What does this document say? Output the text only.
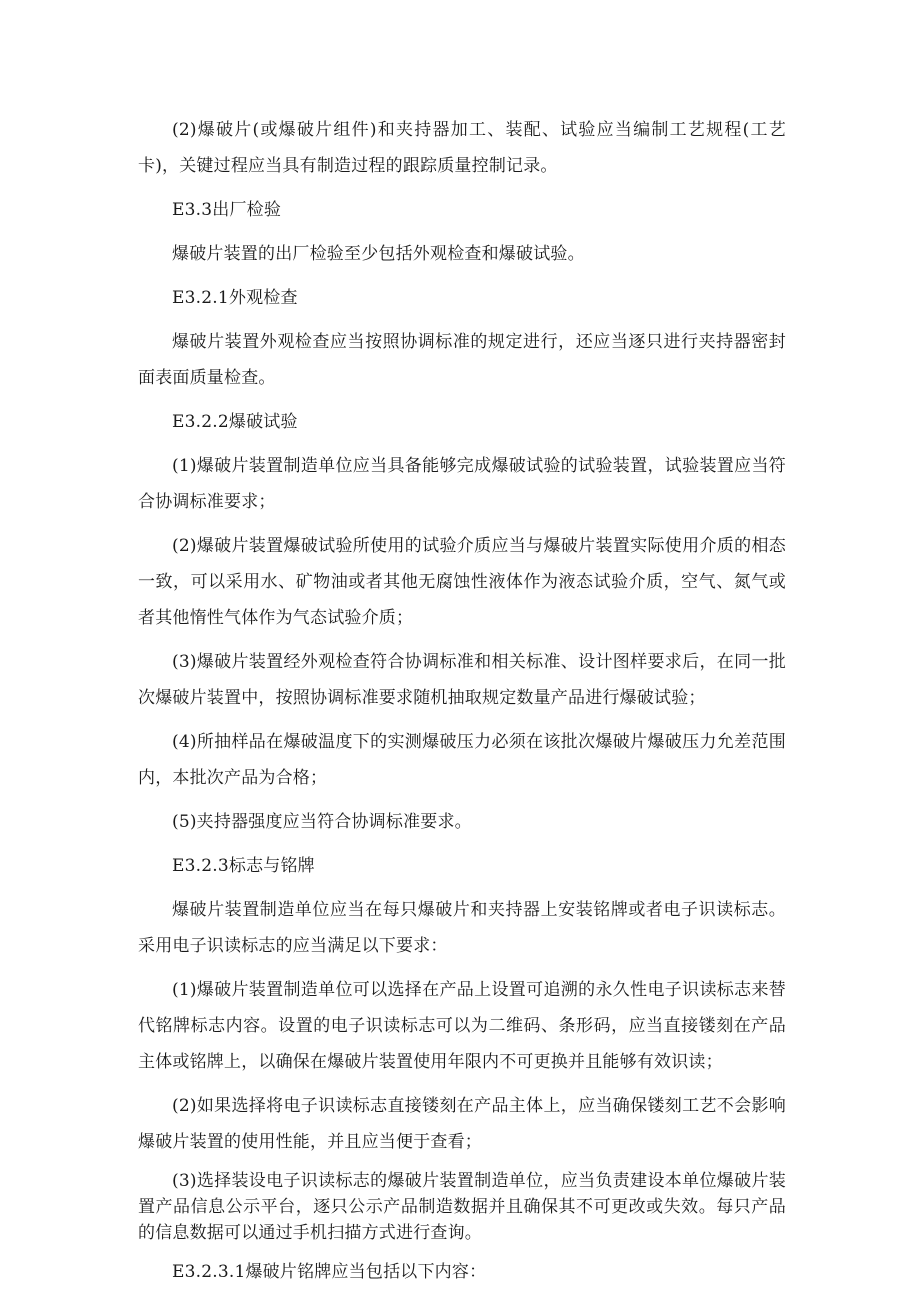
(2)爆破片(或爆破片组件)和夹持器加工、装配、试验应当编制工艺规程(工艺卡)，关键过程应当具有制造过程的跟踪质量控制记录。

E3.3出厂检验

爆破片装置的出厂检验至少包括外观检查和爆破试验。

E3.2.1外观检查

爆破片装置外观检查应当按照协调标准的规定进行，还应当逐只进行夹持器密封面表面质量检查。

E3.2.2爆破试验

(1)爆破片装置制造单位应当具备能够完成爆破试验的试验装置，试验装置应当符合协调标准要求；

(2)爆破片装置爆破试验所使用的试验介质应当与爆破片装置实际使用介质的相态一致，可以采用水、矿物油或者其他无腐蚀性液体作为液态试验介质，空气、氮气或者其他惰性气体作为气态试验介质；

(3)爆破片装置经外观检查符合协调标准和相关标准、设计图样要求后，在同一批次爆破片装置中，按照协调标准要求随机抽取规定数量产品进行爆破试验；

(4)所抽样品在爆破温度下的实测爆破压力必须在该批次爆破片爆破压力允差范围内，本批次产品为合格；

(5)夹持器强度应当符合协调标准要求。

E3.2.3标志与铭牌

爆破片装置制造单位应当在每只爆破片和夹持器上安装铭牌或者电子识读标志。采用电子识读标志的应当满足以下要求：

(1)爆破片装置制造单位可以选择在产品上设置可追溯的永久性电子识读标志来替代铭牌标志内容。设置的电子识读标志可以为二维码、条形码，应当直接镂刻在产品主体或铭牌上，以确保在爆破片装置使用年限内不可更换并且能够有效识读；

(2)如果选择将电子识读标志直接镂刻在产品主体上，应当确保镂刻工艺不会影响爆破片装置的使用性能，并且应当便于查看；

(3)选择装设电子识读标志的爆破片装置制造单位，应当负责建设本单位爆破片装置产品信息公示平台，逐只公示产品制造数据并且确保其不可更改或失效。每只产品的信息数据可以通过手机扫描方式进行查询。

E3.2.3.1爆破片铭牌应当包括以下内容：
